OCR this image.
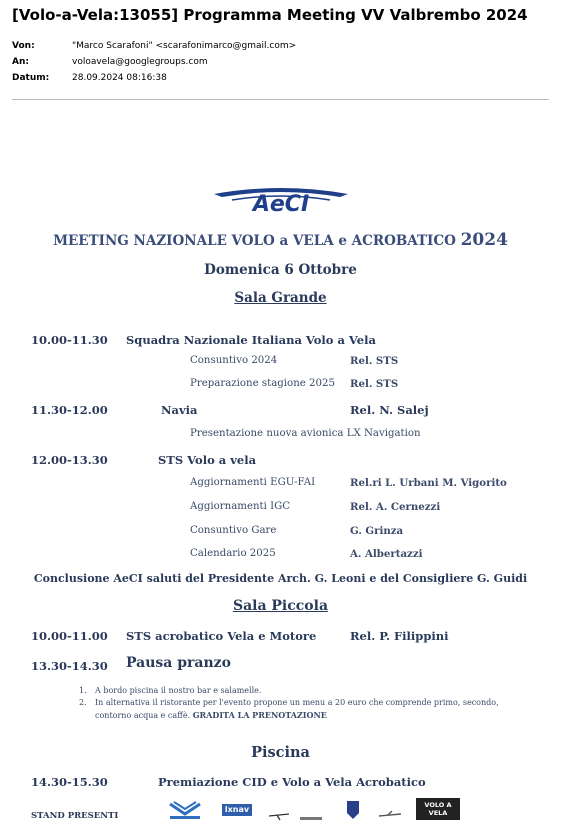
[Volo-a-Vela:13055] Programma Meeting VV Valbrembo 2024
Von:	"Marco Scarafoni" <scarafonimarco@gmail.com>
An:	voloavela@googlegroups.com
Datum:	28.09.2024 08:16:38
AeCI
MEETING NAZIONALE VOLO a VELA e ACROBATICO 2024
Domenica 6 Ottobre
Sala Grande
10.00-11.30 Squadra Nazionale Italiana Volo a Vela
Consuntivo 2024	Rel. STS
Preparazione stagione 2025 Rel. STS
11.30-12.00	Navia	Rel. N. Salej
Presentazione nuova avionica LX Navigation
12.00-13.30	STS Volo a vela
Aggiornamenti EGU-FAI	Rel.ri L. Urbani M. Vigorito
Aggiornamenti IGC	Rel. A. Cernezzi
Consuntivo Gare	G. Grinza
Calendario 2025	A. Albertazzi
Conclusione AeCI saluti del Presidente Arch. G. Leoni e del Consigliere G. Guidi
Sala Piccola
10.00-11.00 STS acrobatico Vela e Motore	Rel. P. Filippini
13.30-14.30 Pausa pranzo
1. A bordo piscina il nostro bar e salamelle.
2. In alternativa il ristorante per l'evento propone un menu a 20 euro che comprende primo, secondo,
contorno acqua e caffè. GRADITA LA PRENOTAZIONE
Piscina
14.30-15.30	Premiazione CID e Volo a Vela Acrobatico
STAND PRESENTI
lxnav	VOLO A VELA
